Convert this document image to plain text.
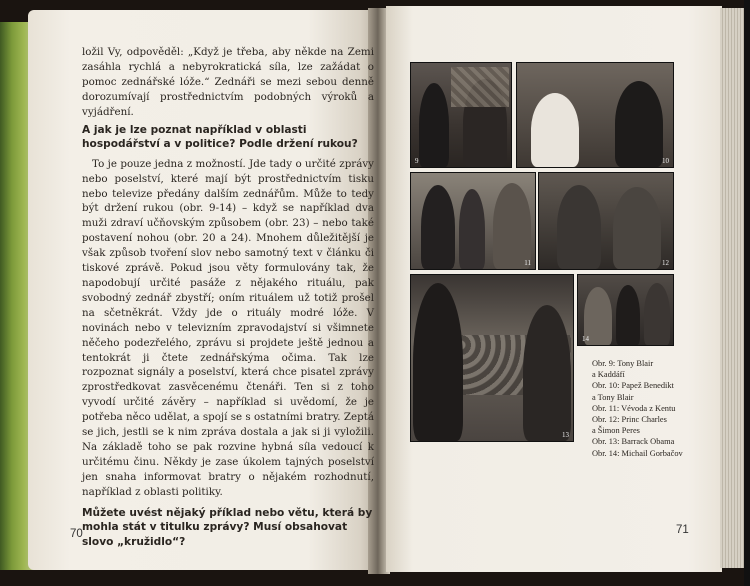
ložil Vy, odpověděl: „Když je třeba, aby někde na Zemi zasáhla rychlá a nebyrokratická síla, lze zažádat o pomoc zednářské lóže.“ Zednáři se mezi sebou denně dorozumívají prostřednictvím podobných výroků a vyjádření.

A jak je lze poznat například v oblasti hospodářství a v politice? Podle držení rukou?

To je pouze jedna z možností. Jde tady o určité zprávy nebo poselství, které mají být prostřednictvím tisku nebo televize předány dalším zednářům. Může to tedy být držení rukou (obr. 9-14) – když se například dva muži zdraví učňovským způsobem (obr. 23) – nebo také postavení nohou (obr. 20 a 24). Mnohem důležitější je však způsob tvoření slov nebo samotný text v článku či tiskové zprávě. Pokud jsou věty formulovány tak, že napodobují určité pasáže z nějakého rituálu, pak svobodný zednář zbystří; oním rituálem už totiž prošel na sčetněkrát. Vždy jde o rituály modré lóže. V novinách nebo v televizním zpravodajství si všimnete něčeho podezřelého, zprávu si projdete ještě jednou a tentokrát ji čtete zednářskýma očima. Tak lze rozpoznat signály a poselství, která chce pisatel zprávy zprostředkovat zasvěcenému čtenáři. Ten si z toho vyvodí určité závěry – například si uvědomí, že je potřeba něco udělat, a spojí se s ostatními bratry. Zeptá se jich, jestli se k nim zpráva dostala a jak si ji vyložili. Na základě toho se pak rozvine hybná síla vedoucí k určitému činu. Někdy je zase úkolem tajných poselství jen snaha informovat bratry o nějakém rozhodnutí, například z oblasti politiky.

Můžete uvést nějaký příklad nebo větu, která by mohla stát v titulku zprávy? Musí obsahovat slovo „kružidlo“?

70
9	10
11	12
13
14
Obr. 9: Tony Blair
a Kaddáfí
Obr. 10: Papež Benedikt
a Tony Blair
Obr. 11: Vévoda z Kentu
Obr. 12: Princ Charles
a Šimon Peres
Obr. 13: Barrack Obama
Obr. 14: Michail Gorbačov
71
